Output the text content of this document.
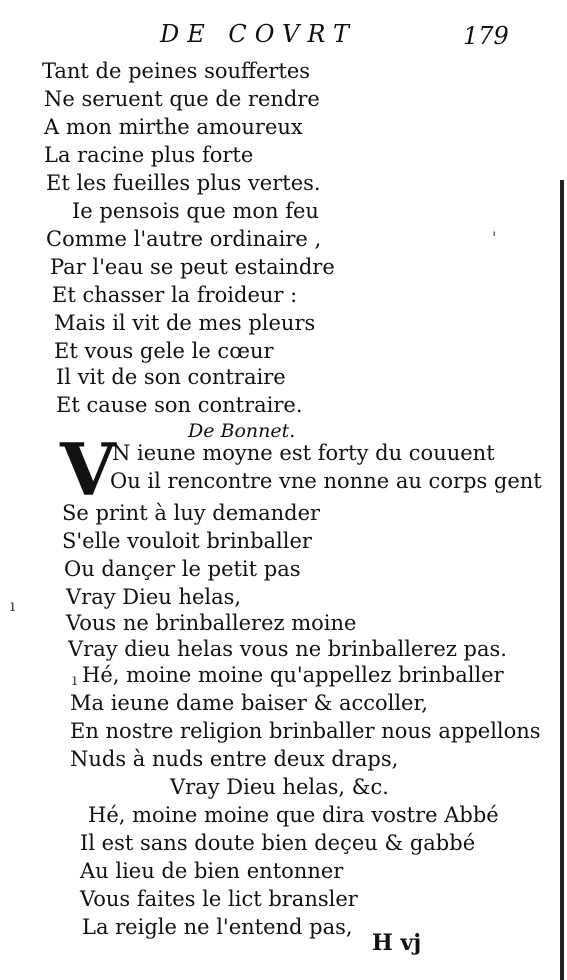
DE COVRT	179
Tant de peines souffertes
Ne seruent que de rendre
A mon mirthe amoureux
La racine plus forte
Et les fueilles plus vertes.
Ie pensois que mon feu
Comme l'autre ordinaire ,
Par l'eau se peut estaindre
Et chasser la froideur :
Mais il vit de mes pleurs
Et vous gele le cœur
Il vit de son contraire
Et cause son contraire.
De Bonnet.
V
N ieune moyne est forty du couuent
Ou il rencontre vne nonne au corps gent
Se print à luy demander
S'elle vouloit brinballer
Ou dançer le petit pas
Vray Dieu helas,
Vous ne brinballerez moine
Vray dieu helas vous ne brinballerez pas.
Hé, moine moine qu'appellez brinballer
Ma ieune dame baiser & accoller,
En nostre religion brinballer nous appellons
Nuds à nuds entre deux draps,
Vray Dieu helas, &c.
Hé, moine moine que dira vostre Abbé
Il est sans doute bien deçeu & gabbé
Au lieu de bien entonner
Vous faites le lict bransler
La reigle ne l'entend pas,
H vj
ı
ı
'
